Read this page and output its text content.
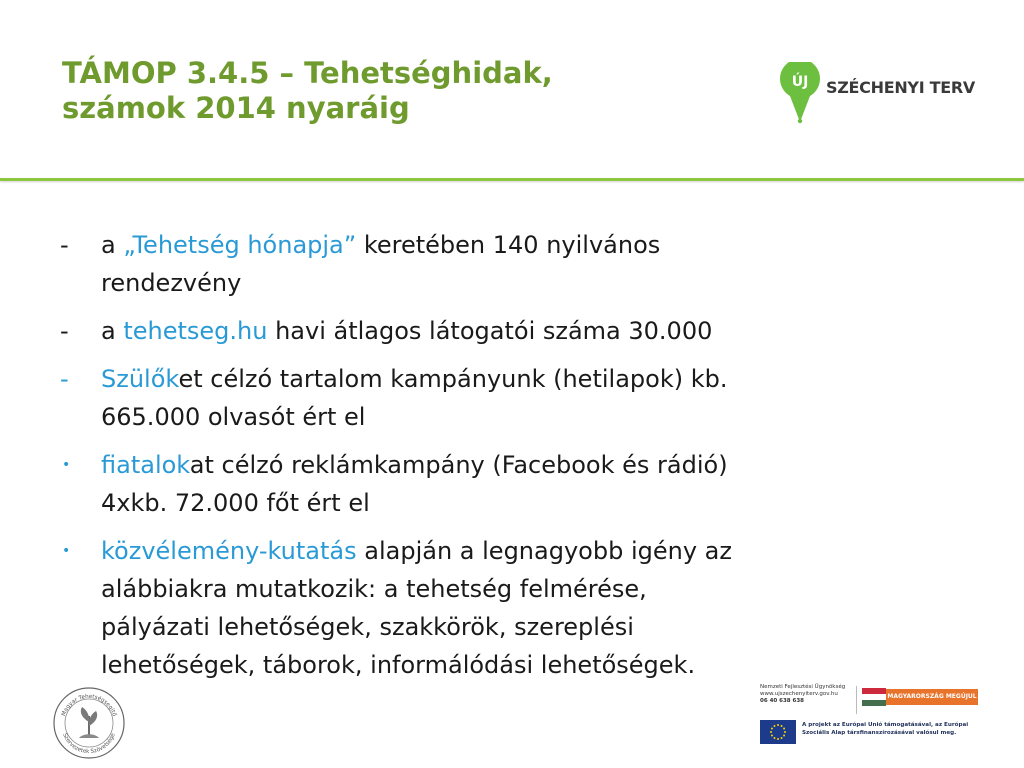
TÁMOP 3.4.5 – Tehetséghidak,
számok 2014 nyaráig
ÚJ	SZÉCHENYI TERV
-	a „Tehetség hónapja” keretében 140 nyilvános
rendezvény
-	a tehetseg.hu havi átlagos látogatói száma 30.000
-	Szülőket célzó tartalom kampányunk (hetilapok) kb.
665.000 olvasót ért el
•	fiatalokat célzó reklámkampány (Facebook és rádió)
4xkb. 72.000 főt ért el
•	közvélemény-kutatás alapján a legnagyobb igény az
alábbiakra mutatkozik: a tehetség felmérése,
pályázati lehetőségek, szakkörök, szereplési
lehetőségek, táborok, informálódási lehetőségek.
Magyar Tehetségsegítő
Szervezetek Szövetsége
Nemzeti Fejlesztési Ügynökség
www.ujszechenyiterv.gov.hu
06 40 638 638
MAGYARORSZÁG MEGÚJUL
A projekt az Európai Unió támogatásával, az Európai
Szociális Alap társfinanszírozásával valósul meg.
